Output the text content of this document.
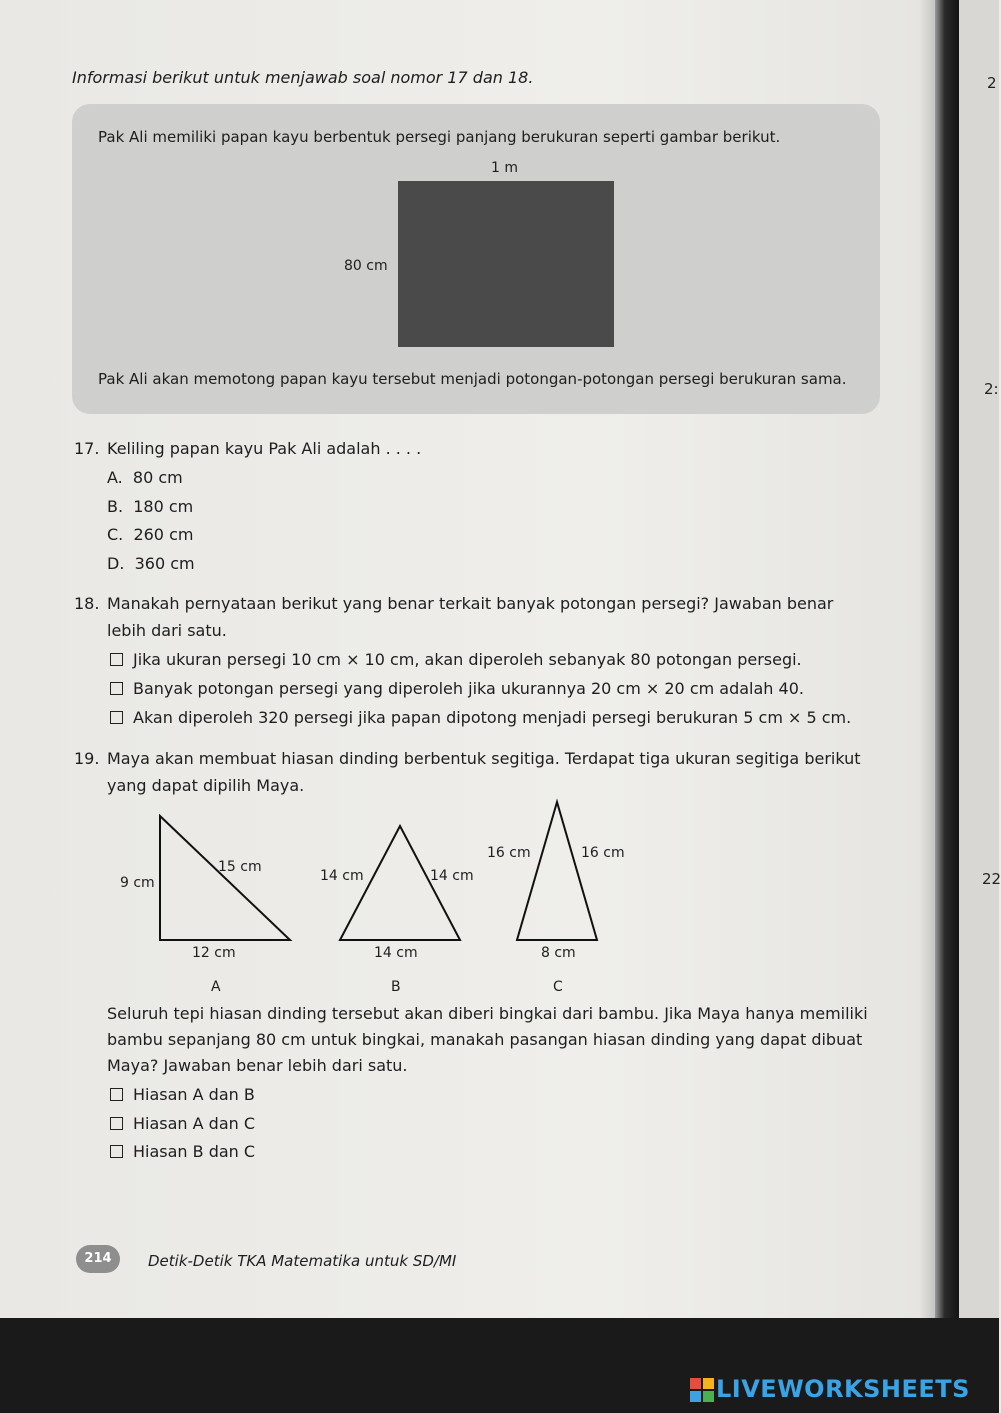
Informasi berikut untuk menjawab soal nomor 17 dan 18.
Pak Ali memiliki papan kayu berbentuk persegi panjang berukuran seperti gambar berikut.
1 m
80 cm
Pak Ali akan memotong papan kayu tersebut menjadi potongan-potongan persegi berukuran sama.
17. Keliling papan kayu Pak Ali adalah . . . .
A. 80 cm
B. 180 cm
C. 260 cm
D. 360 cm
18. Manakah pernyataan berikut yang benar terkait banyak potongan persegi? Jawaban benar
lebih dari satu.
Jika ukuran persegi 10 cm × 10 cm, akan diperoleh sebanyak 80 potongan persegi.
Banyak potongan persegi yang diperoleh jika ukurannya 20 cm × 20 cm adalah 40.
Akan diperoleh 320 persegi jika papan dipotong menjadi persegi berukuran 5 cm × 5 cm.
19. Maya akan membuat hiasan dinding berbentuk segitiga. Terdapat tiga ukuran segitiga berikut
yang dapat dipilih Maya.
9 cm
15 cm
12 cm
A
14 cm	14 cm
14 cm
B
16 cm	16 cm
8 cm
C
Seluruh tepi hiasan dinding tersebut akan diberi bingkai dari bambu. Jika Maya hanya memiliki
bambu sepanjang 80 cm untuk bingkai, manakah pasangan hiasan dinding yang dapat dibuat
Maya? Jawaban benar lebih dari satu.
Hiasan A dan B
Hiasan A dan C
Hiasan B dan C
214	Detik-Detik TKA Matematika untuk SD/MI
2
2:
22
LIVEWORKSHEETS
